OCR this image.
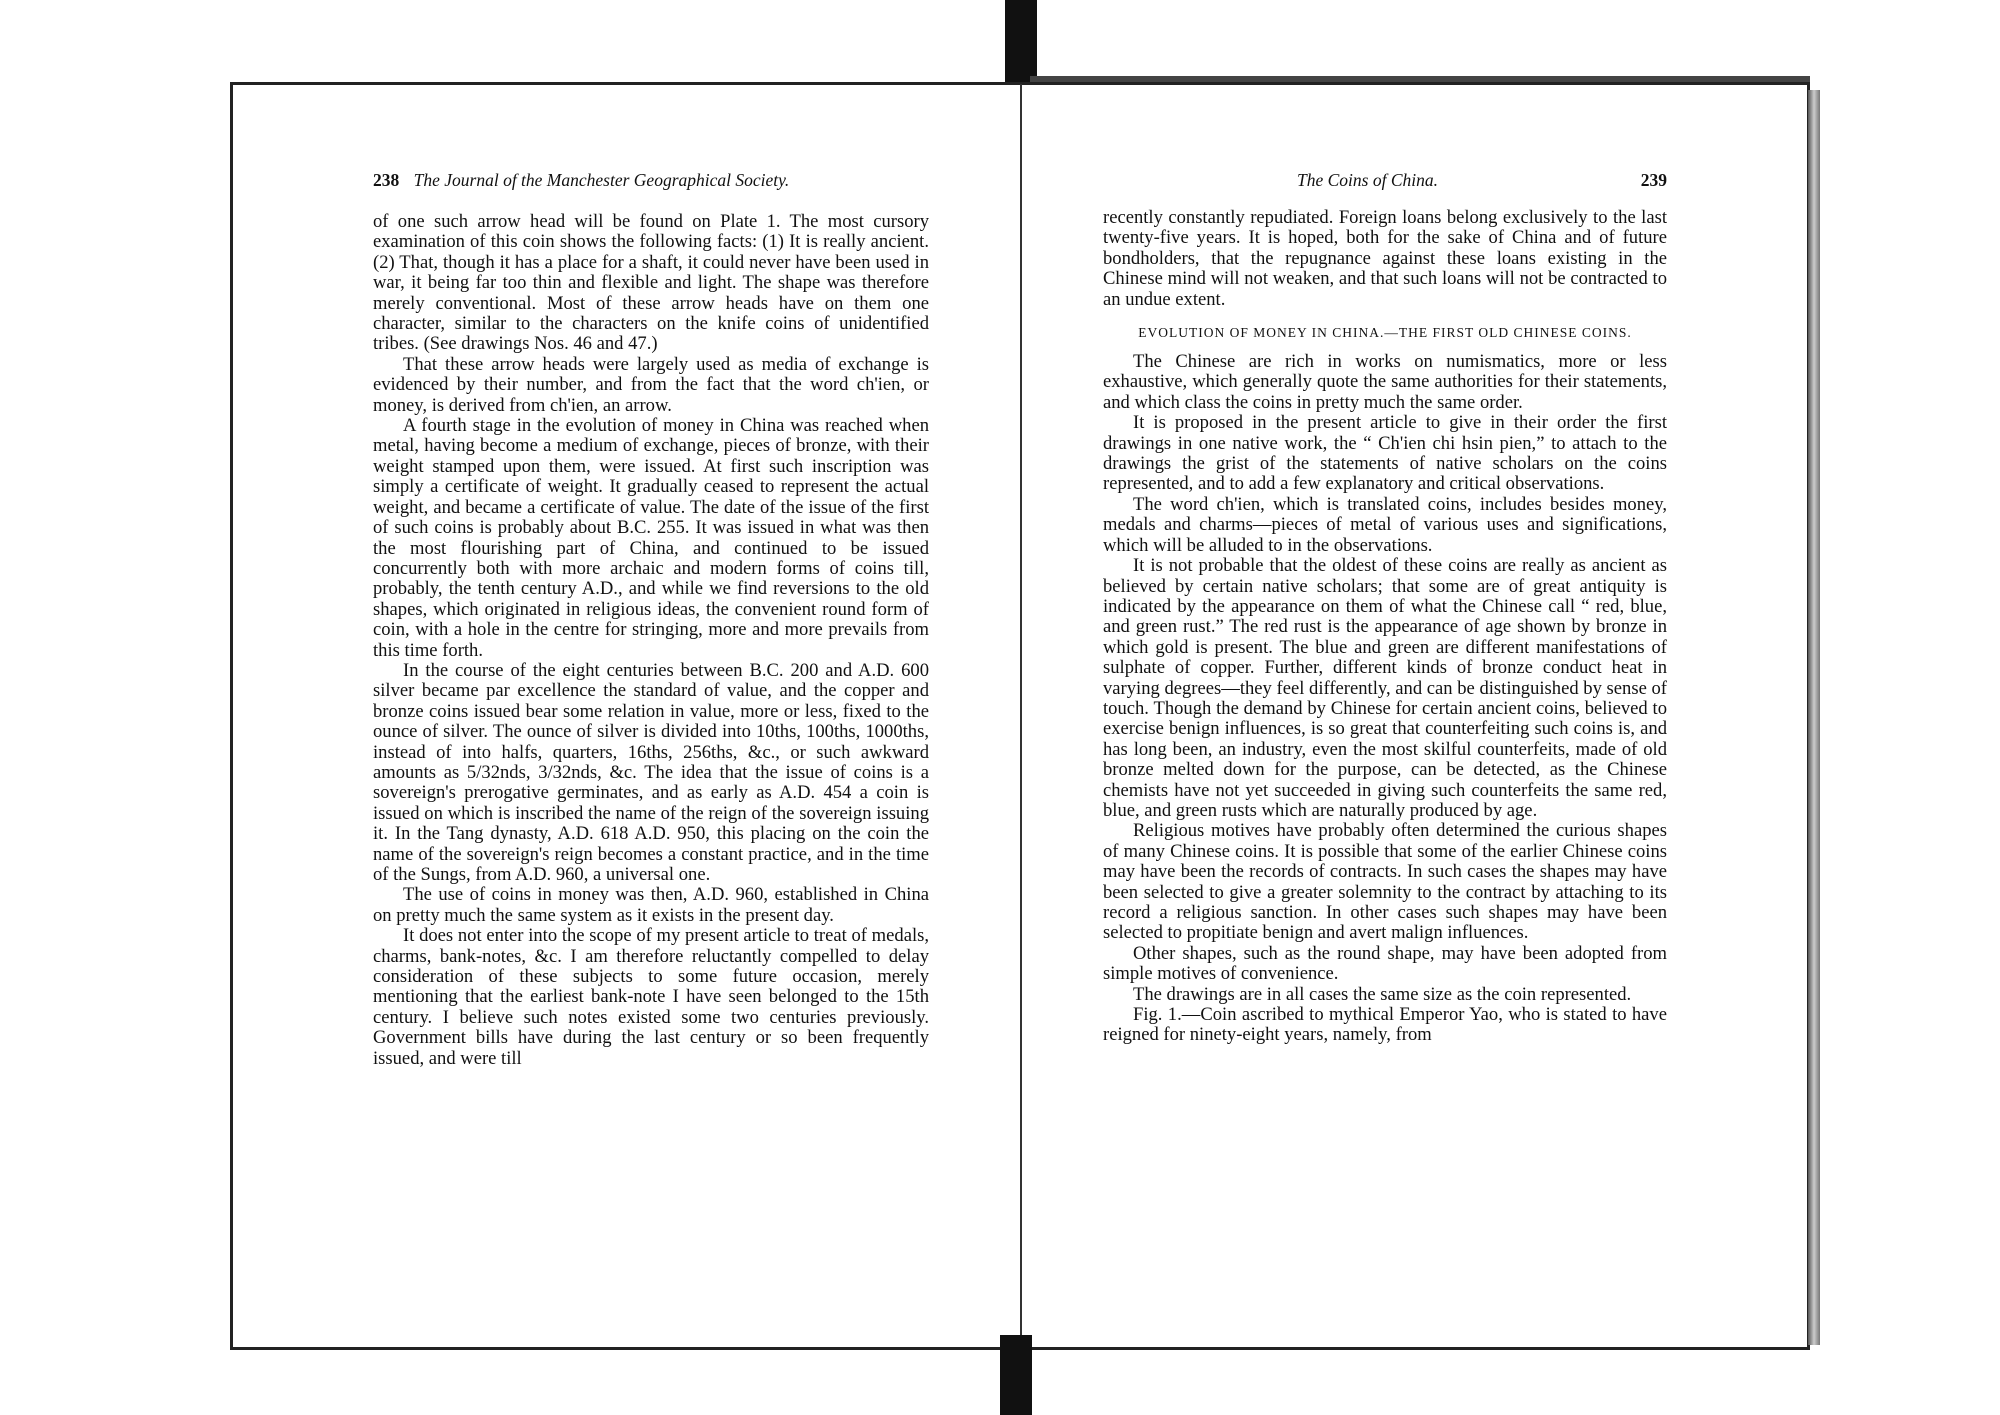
238 The Journal of the Manchester Geographical Society.	The Coins of China.	239

of one such arrow head will be found on Plate 1. The most cursory examination of this coin shows the following facts: (1) It is really ancient. (2) That, though it has a place for a shaft, it could never have been used in war, it being far too thin and flexible and light. The shape was therefore merely conventional. Most of these arrow heads have on them one character, similar to the characters on the knife coins of unidentified tribes. (See drawings Nos. 46 and 47.)

That these arrow heads were largely used as media of exchange is evidenced by their number, and from the fact that the word ch'ien, or money, is derived from ch'ien, an arrow.

A fourth stage in the evolution of money in China was reached when metal, having become a medium of exchange, pieces of bronze, with their weight stamped upon them, were issued. At first such inscription was simply a certificate of weight. It gradually ceased to represent the actual weight, and became a certificate of value. The date of the issue of the first of such coins is probably about B.C. 255. It was issued in what was then the most flourishing part of China, and continued to be issued concurrently both with more archaic and modern forms of coins till, probably, the tenth century A.D., and while we find reversions to the old shapes, which originated in religious ideas, the convenient round form of coin, with a hole in the centre for stringing, more and more prevails from this time forth.

In the course of the eight centuries between B.C. 200 and A.D. 600 silver became par excellence the standard of value, and the copper and bronze coins issued bear some relation in value, more or less, fixed to the ounce of silver. The ounce of silver is divided into 10ths, 100ths, 1000ths, instead of into halfs, quarters, 16ths, 256ths, &c., or such awkward amounts as 5/32nds, 3/32nds, &c. The idea that the issue of coins is a sovereign's prerogative germinates, and as early as A.D. 454 a coin is issued on which is inscribed the name of the reign of the sovereign issuing it. In the Tang dynasty, A.D. 618 A.D. 950, this placing on the coin the name of the sovereign's reign becomes a constant practice, and in the time of the Sungs, from A.D. 960, a universal one.

The use of coins in money was then, A.D. 960, established in China on pretty much the same system as it exists in the present day.

It does not enter into the scope of my present article to treat of medals, charms, bank-notes, &c. I am therefore reluctantly compelled to delay consideration of these subjects to some future occasion, merely mentioning that the earliest bank-note I have seen belonged to the 15th century. I believe such notes existed some two centuries previously. Government bills have during the last century or so been frequently issued, and were till

recently constantly repudiated. Foreign loans belong exclusively to the last twenty-five years. It is hoped, both for the sake of China and of future bondholders, that the repugnance against these loans existing in the Chinese mind will not weaken, and that such loans will not be contracted to an undue extent.

EVOLUTION OF MONEY IN CHINA.—THE FIRST OLD CHINESE COINS.

The Chinese are rich in works on numismatics, more or less exhaustive, which generally quote the same authorities for their statements, and which class the coins in pretty much the same order.

It is proposed in the present article to give in their order the first drawings in one native work, the “ Ch'ien chi hsin pien,” to attach to the drawings the grist of the statements of native scholars on the coins represented, and to add a few explanatory and critical observations.

The word ch'ien, which is translated coins, includes besides money, medals and charms—pieces of metal of various uses and significations, which will be alluded to in the observations.

It is not probable that the oldest of these coins are really as ancient as believed by certain native scholars; that some are of great antiquity is indicated by the appearance on them of what the Chinese call “ red, blue, and green rust.” The red rust is the appearance of age shown by bronze in which gold is present. The blue and green are different manifestations of sulphate of copper. Further, different kinds of bronze conduct heat in varying degrees—they feel differently, and can be distinguished by sense of touch. Though the demand by Chinese for certain ancient coins, believed to exercise benign influences, is so great that counterfeiting such coins is, and has long been, an industry, even the most skilful counterfeits, made of old bronze melted down for the purpose, can be detected, as the Chinese chemists have not yet succeeded in giving such counterfeits the same red, blue, and green rusts which are naturally produced by age.

Religious motives have probably often determined the curious shapes of many Chinese coins. It is possible that some of the earlier Chinese coins may have been the records of contracts. In such cases the shapes may have been selected to give a greater solemnity to the contract by attaching to its record a religious sanction. In other cases such shapes may have been selected to propitiate benign and avert malign influences.

Other shapes, such as the round shape, may have been adopted from simple motives of convenience.

The drawings are in all cases the same size as the coin represented.

Fig. 1.—Coin ascribed to mythical Emperor Yao, who is stated to have reigned for ninety-eight years, namely, from
